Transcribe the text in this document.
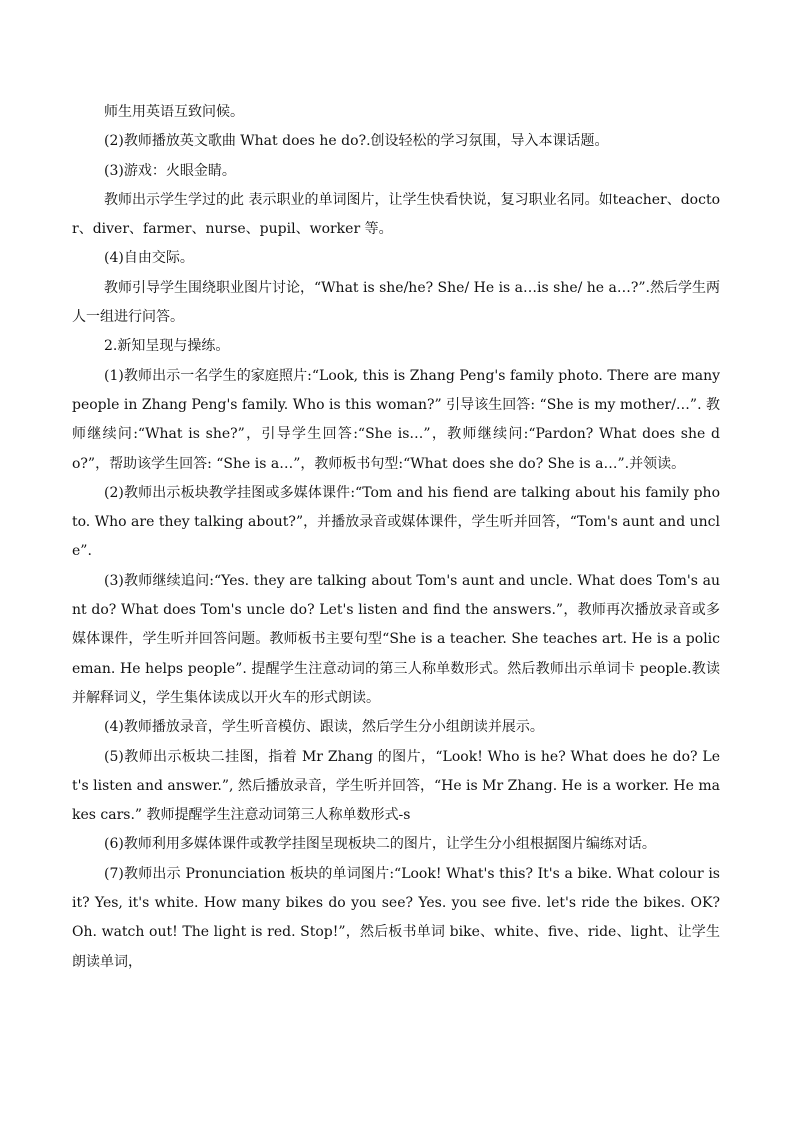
师生用英语互致问候。

(2)教师播放英文歌曲 What does he do?.创设轻松的学习氛围，导入本课话题。

(3)游戏：火眼金睛。

教师出示学生学过的此 表示职业的单词图片，让学生快看快说，复习职业名同。如teacher、doctor、diver、farmer、nurse、pupil、worker 等。

(4)自由交际。

教师引导学生围绕职业图片讨论，“What is she/he? She/ He is a…is she/ he a…?”.然后学生两人一组进行问答。

2.新知呈现与操练。

(1)教师出示一名学生的家庭照片:“Look, this is Zhang Peng's family photo. There are many people in Zhang Peng's family. Who is this woman?” 引导该生回答: “She is my mother/…”. 教师继续问:“What is she?”，引导学生回答:“She is…”，教师继续问:“Pardon? What does she do?”，帮助该学生回答: “She is a…”，教师板书句型:“What does she do? She is a…”.并领读。

(2)教师出示板块教学挂图或多媒体课件:“Tom and his fiend are talking about his family photo. Who are they talking about?”，并播放录音或媒体课件，学生听并回答，“Tom's aunt and uncle”.

(3)教师继续追问:“Yes. they are talking about Tom's aunt and uncle. What does Tom's aunt do? What does Tom's uncle do? Let's listen and find the answers.”，教师再次播放录音或多媒体课件，学生听并回答问题。教师板书主要句型“She is a teacher. She teaches art. He is a policeman. He helps people”. 提醒学生注意动词的第三人称单数形式。然后教师出示单词卡 people.教读并解释词义，学生集体读成以开火车的形式朗读。

(4)教师播放录音，学生听音模仿、跟读，然后学生分小组朗读并展示。

(5)教师出示板块二挂图，指着 Mr Zhang 的图片，“Look! Who is he? What does he do? Let's listen and answer.”, 然后播放录音，学生听并回答，“He is Mr Zhang. He is a worker. He makes cars.” 教师提醒学生注意动词第三人称单数形式-s

(6)教师利用多媒体课件或教学挂图呈现板块二的图片，让学生分小组根据图片编练对话。

(7)教师出示 Pronunciation 板块的单词图片:“Look! What's this? It's a bike. What colour is it? Yes, it's white. How many bikes do you see? Yes. you see five. let's ride the bikes. OK? Oh. watch out! The light is red. Stop!”，然后板书单词 bike、white、five、ride、light、让学生朗读单词，
